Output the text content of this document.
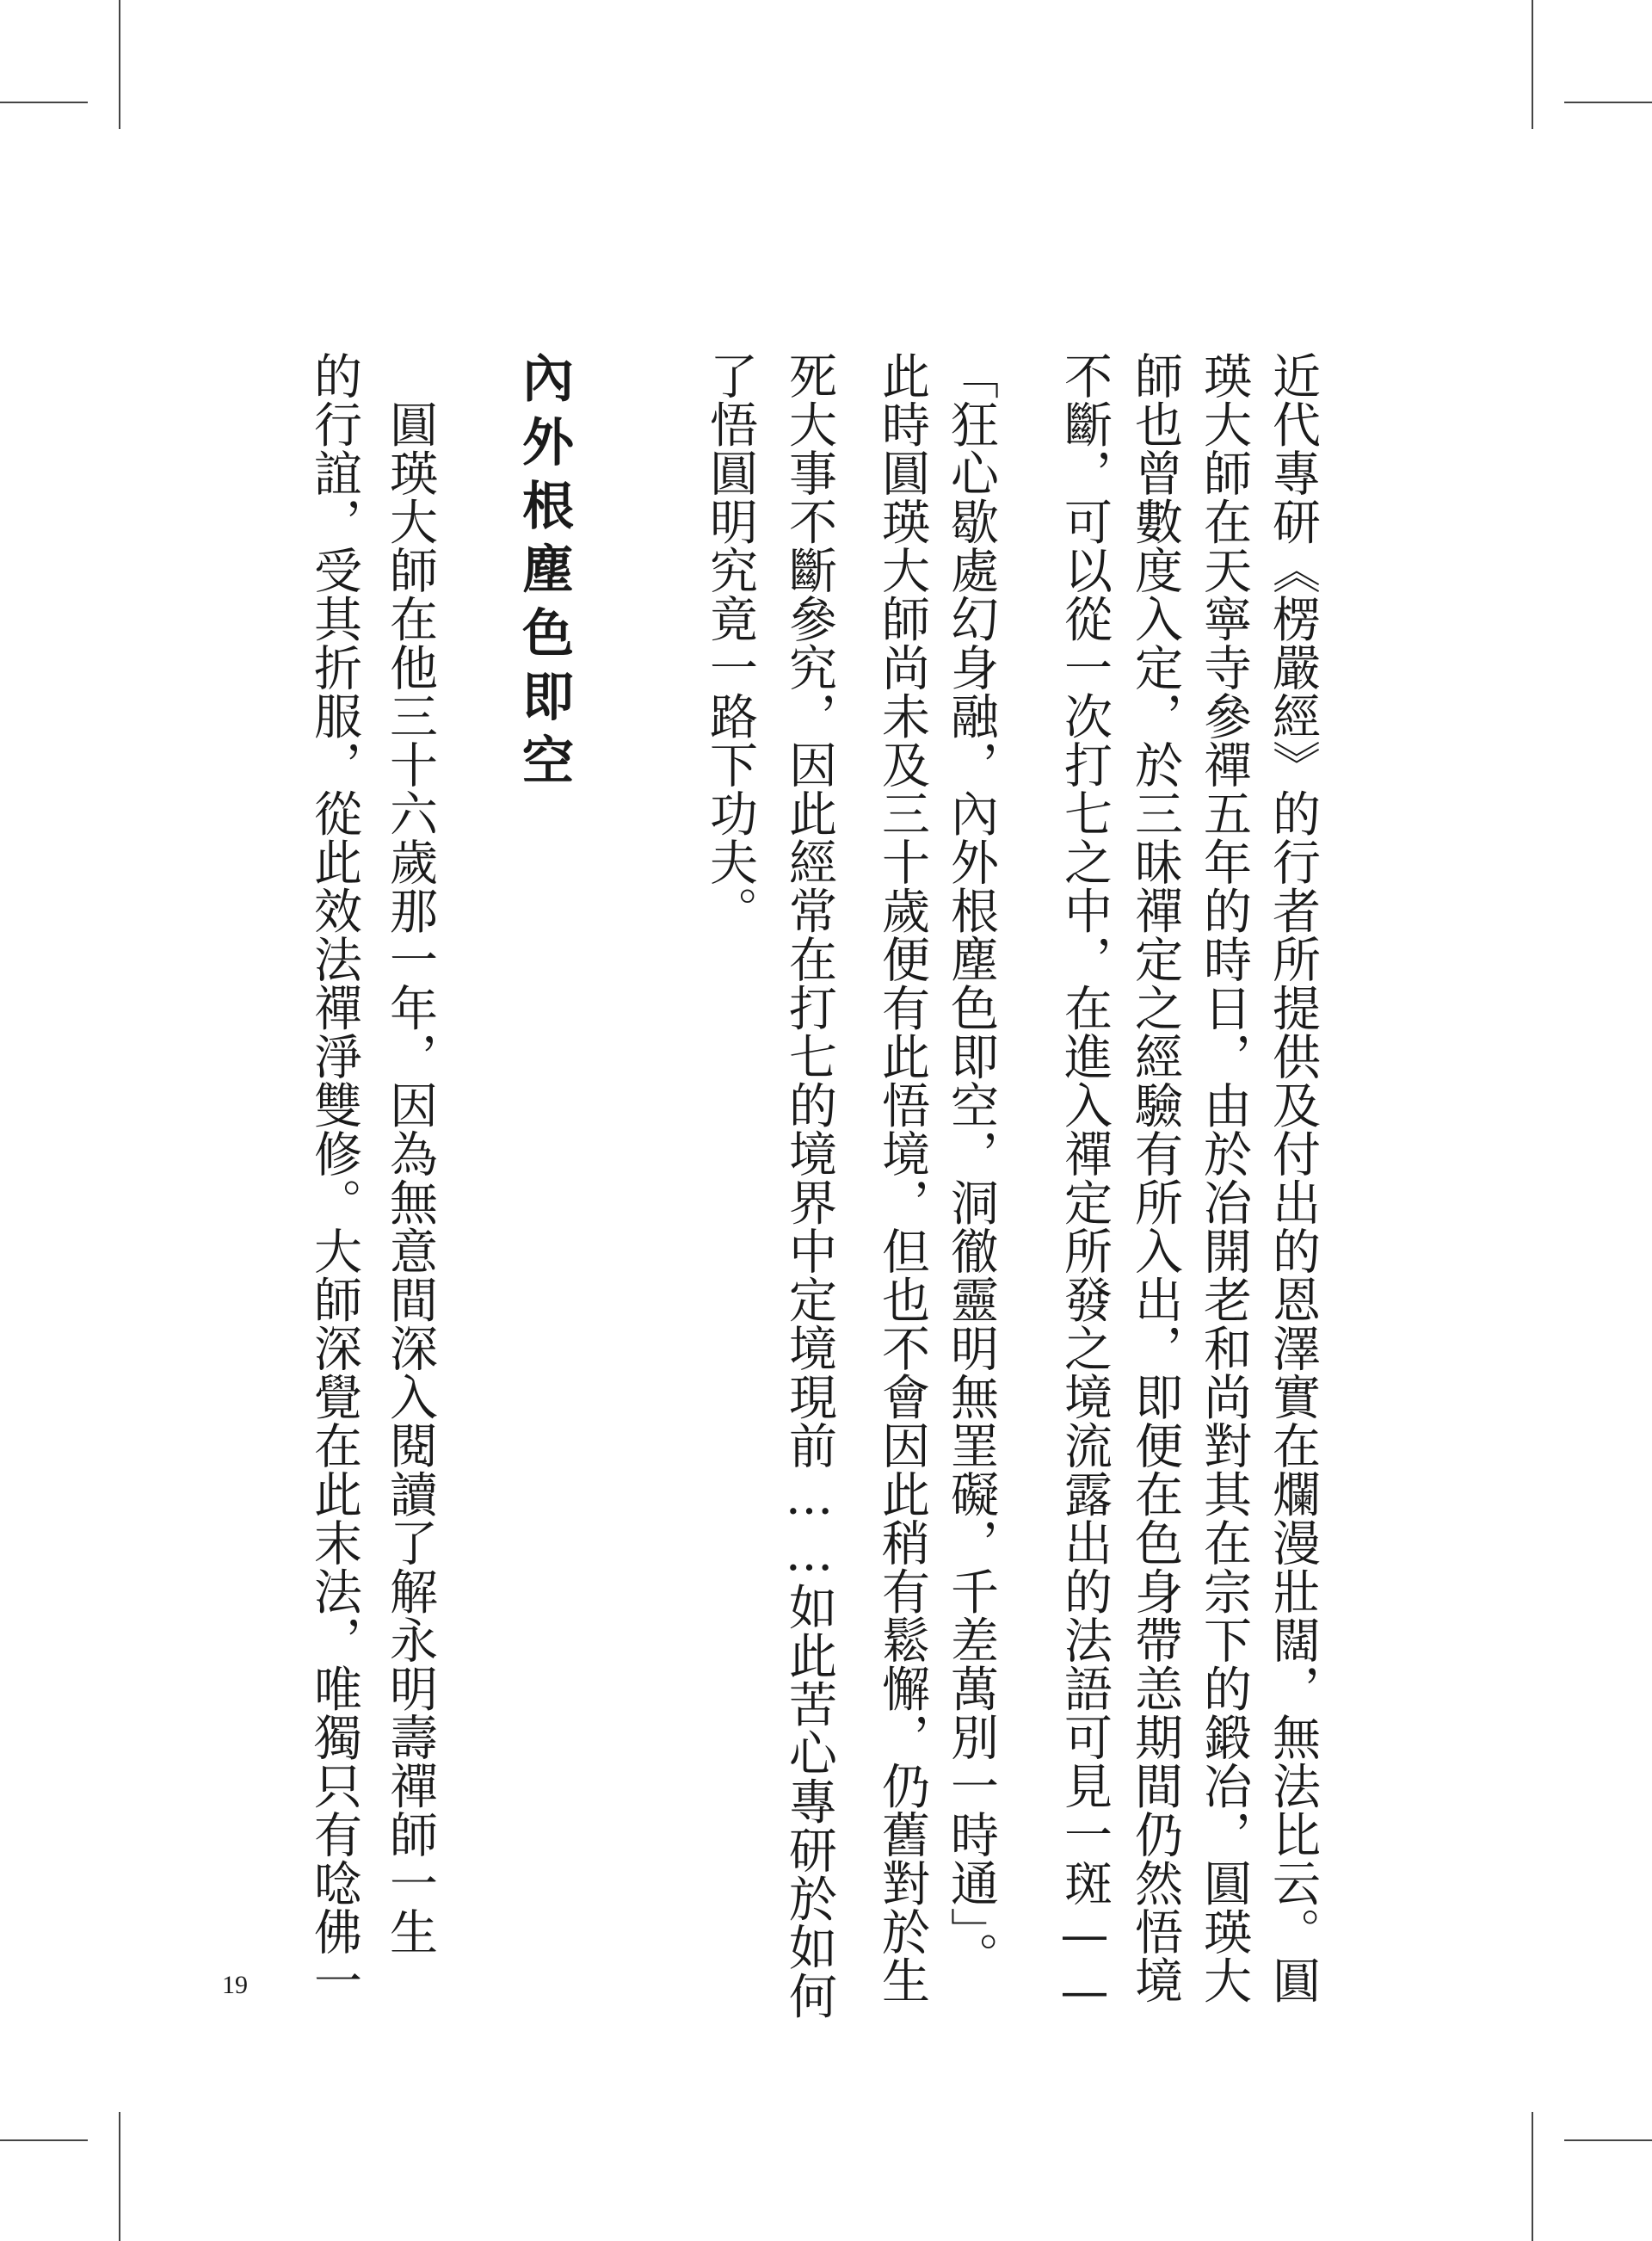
近代專研《楞嚴經》的行者所提供及付出的恩澤實在爛漫壯闊，無法比云。圓
瑛大師在天寧寺參禪五年的時日，由於冶開老和尚對其在宗下的鍛冶，圓瑛大
師也曾數度入定，於三昧禪定之經驗有所入出，即便在色身帶恙期間仍然悟境
不斷，可以從一次打七之中，在進入禪定所發之境流露出的法語可見一斑——
「狂心歇處幻身融，內外根塵色即空，洞徹靈明無罣礙，千差萬別一時通」。
此時圓瑛大師尚未及三十歲便有此悟境，但也不會因此稍有鬆懈，仍舊對於生
死大事不斷參究，因此經常在打七的境界中定境現前……如此苦心專研於如何
了悟圓明究竟一路下功夫。
內外根塵色即空
　圓瑛大師在他三十六歲那一年，因為無意間深入閱讀了解永明壽禪師一生
的行誼，受其折服，從此效法禪淨雙修。大師深覺在此末法，唯獨只有唸佛一
19
